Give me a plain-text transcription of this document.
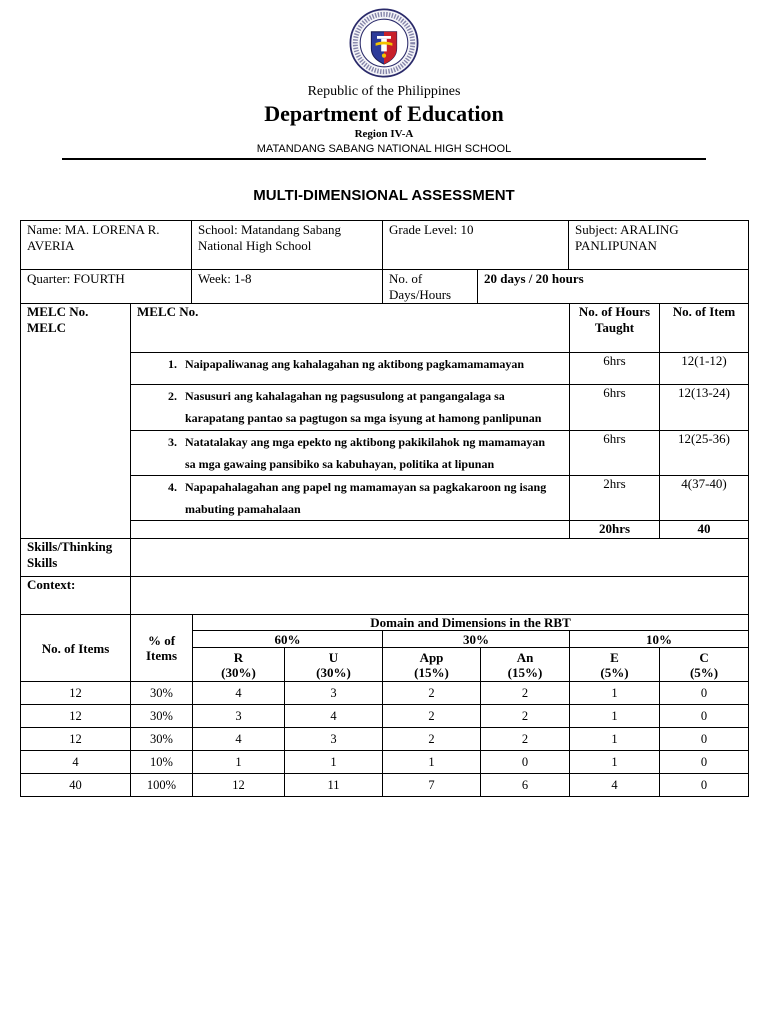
Republic of the Philippines
Department of Education
Region IV-A
MATANDANG SABANG NATIONAL HIGH SCHOOL
MULTI-DIMENSIONAL ASSESSMENT
Name: MA. LORENA R. AVERIA	School: Matandang Sabang National High School	Grade Level: 10		Subject: ARALING PANLIPUNAN
Quarter: FOURTH	Week: 1-8	No. of Days/Hours	20 days / 20 hours	
MELC No. MELC	MELC No.	No. of Hours Taught	No. of Item
	1. Naipapaliwanag ang kahalagahan ng aktibong pagkamamamayan	6hrs	12(1-12)
	2. Nasusuri ang kahalagahan ng pagsusulong at pangangalaga sa
karapatang pantao sa pagtugon sa mga isyung at hamong panlipunan	6hrs	12(13-24)
	3. Natatalakay ang mga epekto ng aktibong pakikilahok ng mamamayan
sa mga gawaing pansibiko sa kabuhayan, politika at lipunan	6hrs	12(25-36)
	4. Napapahalagahan ang papel ng mamamayan sa pagkakaroon ng isang
mabuting pamahalaan	2hrs	4(37-40)
		20hrs	40
Skills/Thinking Skills			
Context:			
No. of Items	% of Items	Domain and Dimensions in the RBT					
		60%		30%		10%	
		R
(30%)	U
(30%)	App
(15%)	An
(15%)	E
(5%)	C
(5%)
12	30%	4	3	2	2	1	0
12	30%	3	4	2	2	1	0
12	30%	4	3	2	2	1	0
4	10%	1	1	1	0	1	0
40	100%	12	11	7	6	4	0
